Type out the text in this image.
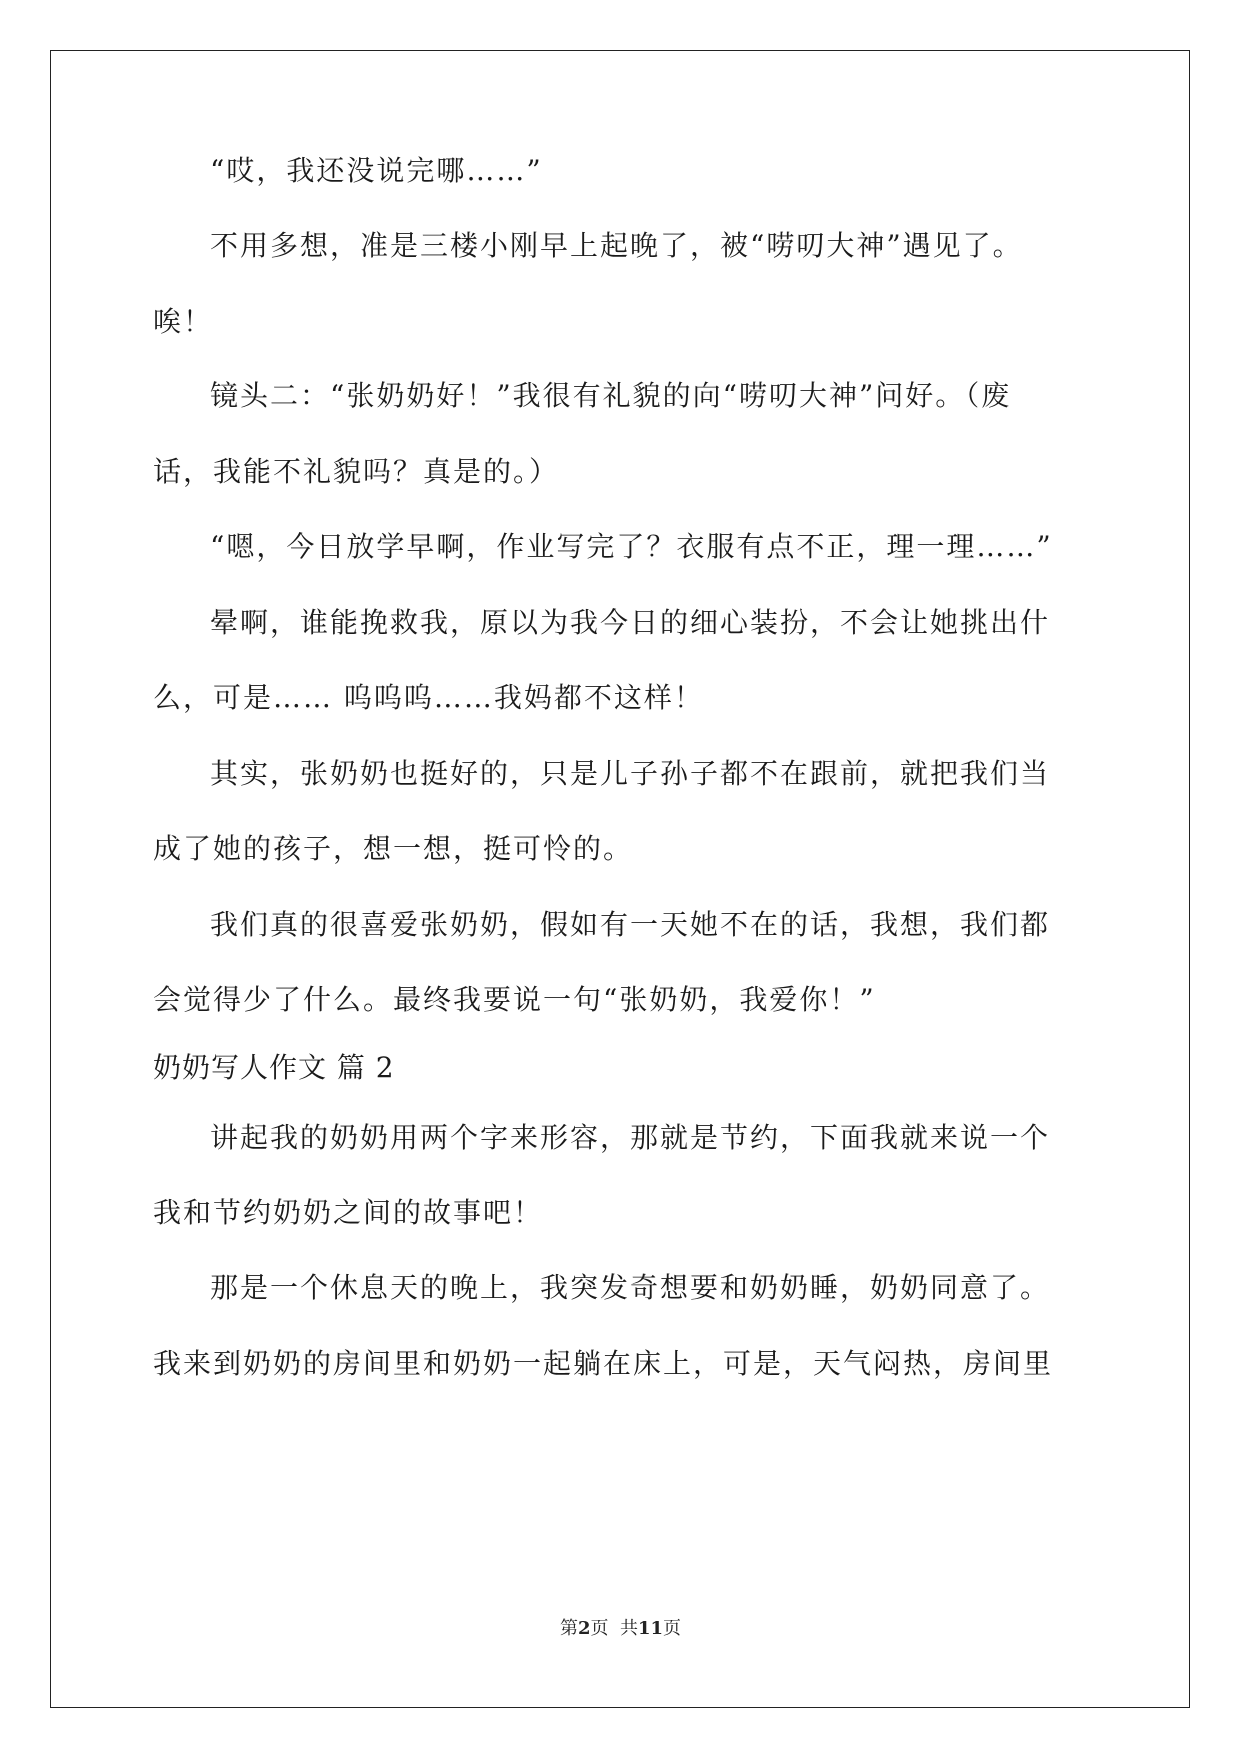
“哎，我还没说完哪……”
不用多想，准是三楼小刚早上起晚了，被“唠叨大神”遇见了。
唉！
镜头二：“张奶奶好！”我很有礼貌的向“唠叨大神”问好。（废
话，我能不礼貌吗？真是的。）
“嗯，今日放学早啊，作业写完了？衣服有点不正，理一理……”
晕啊，谁能挽救我，原以为我今日的细心装扮，不会让她挑出什
么，可是…… 呜呜呜……我妈都不这样！
其实，张奶奶也挺好的，只是儿子孙子都不在跟前，就把我们当
成了她的孩子，想一想，挺可怜的。
我们真的很喜爱张奶奶，假如有一天她不在的话，我想，我们都
会觉得少了什么。最终我要说一句“张奶奶，我爱你！”
奶奶写人作文 篇 2
讲起我的奶奶用两个字来形容，那就是节约，下面我就来说一个
我和节约奶奶之间的故事吧！
那是一个休息天的晚上，我突发奇想要和奶奶睡，奶奶同意了。
我来到奶奶的房间里和奶奶一起躺在床上，可是，天气闷热，房间里
第2页  共11页
